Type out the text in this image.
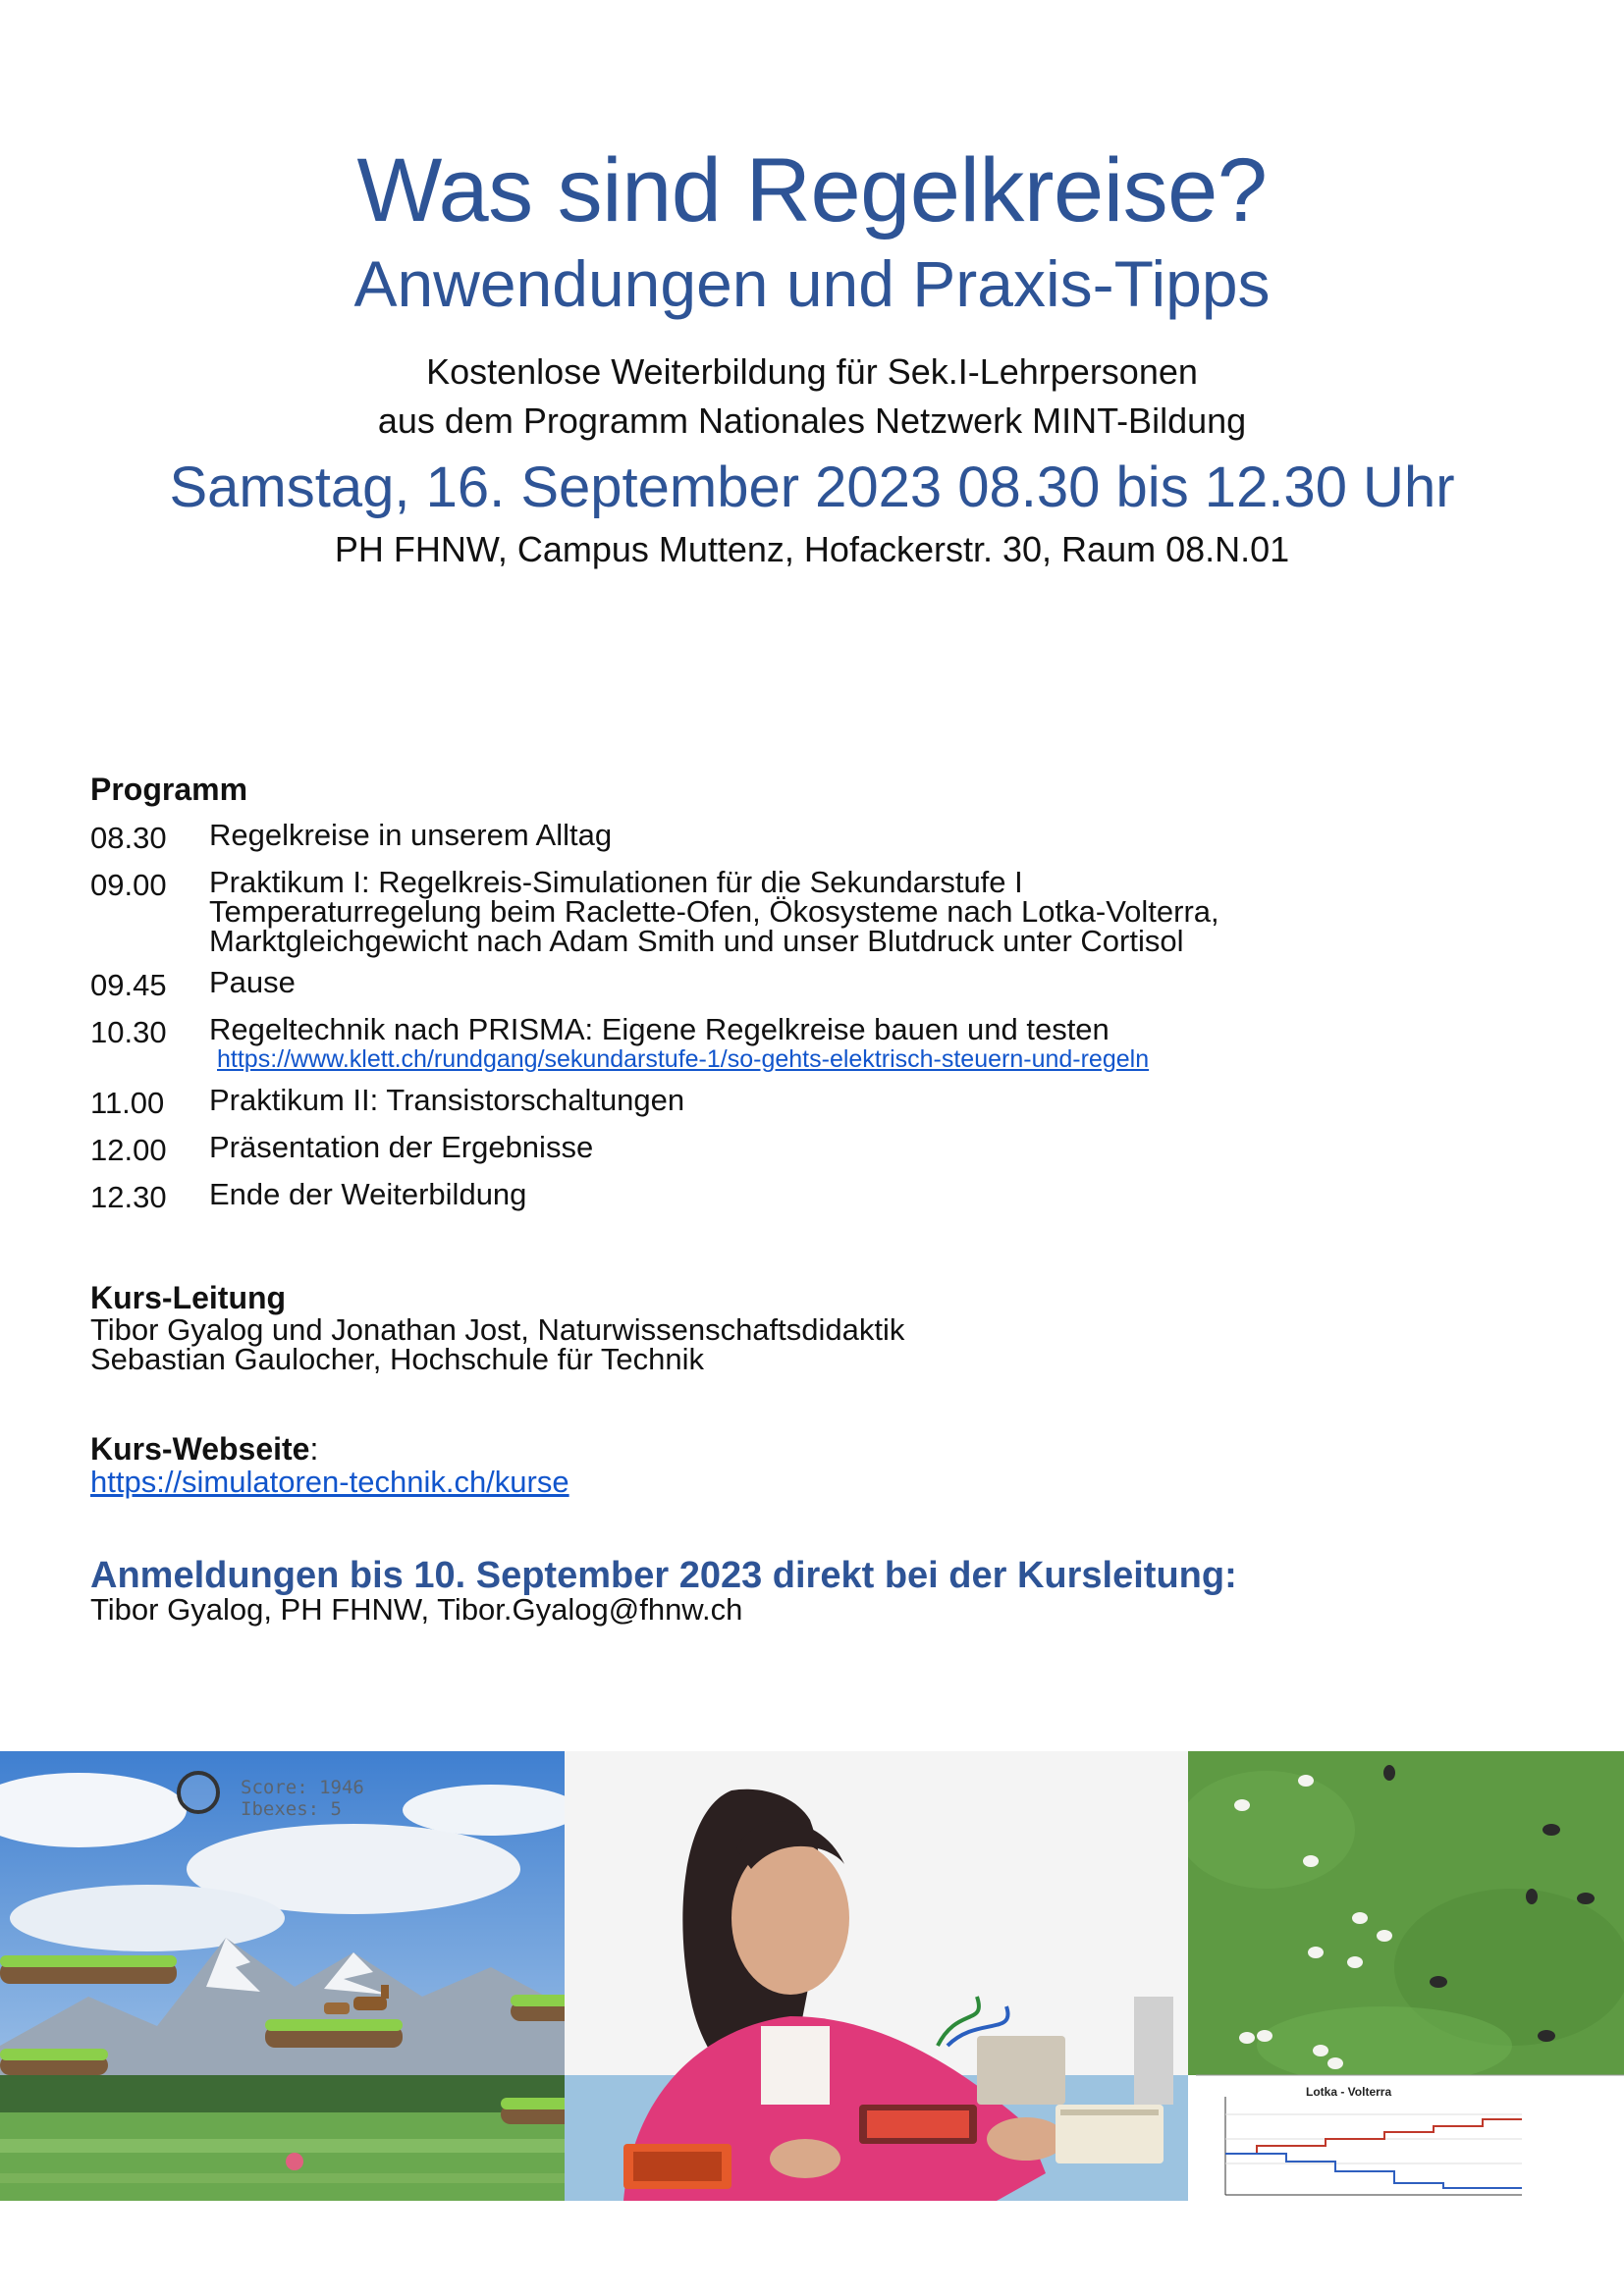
Was sind Regelkreise?
Anwendungen und Praxis-Tipps
Kostenlose Weiterbildung für Sek.I-Lehrpersonen
aus dem Programm Nationales Netzwerk MINT-Bildung
Samstag, 16. September 2023 08.30 bis 12.30 Uhr
PH FHNW, Campus Muttenz, Hofackerstr. 30, Raum 08.N.01
Programm
08.30	Regelkreise in unserem Alltag
09.00	Praktikum I: Regelkreis-Simulationen für die Sekundarstufe I
Temperaturregelung beim Raclette-Ofen, Ökosysteme nach Lotka-Volterra,
Marktgleichgewicht nach Adam Smith und unser Blutdruck unter Cortisol
09.45	Pause
10.30	Regeltechnik nach PRISMA: Eigene Regelkreise bauen und testen
https://www.klett.ch/rundgang/sekundarstufe-1/so-gehts-elektrisch-steuern-und-regeln
11.00	Praktikum II: Transistorschaltungen
12.00	Präsentation der Ergebnisse
12.30	Ende der Weiterbildung
Kurs-Leitung
Tibor Gyalog und Jonathan Jost, Naturwissenschaftsdidaktik
Sebastian Gaulocher, Hochschule für Technik
Kurs-Webseite:
https://simulatoren-technik.ch/kurse
Anmeldungen bis 10. September 2023 direkt bei der Kursleitung:
Tibor Gyalog, PH FHNW, Tibor.Gyalog@fhnw.ch
Score: 1946
Ibexes: 5
Lotka - Volterra
